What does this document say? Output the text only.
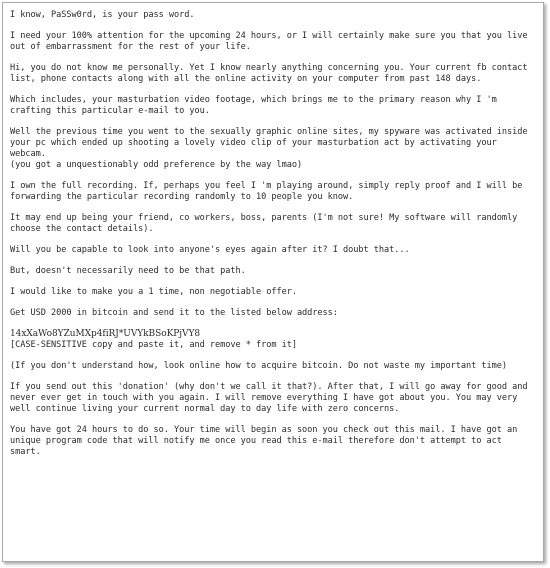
I know, PaSSw0rd, is your pass word.

I need your 100% attention for the upcoming 24 hours, or I will certainly make sure you that you live out of embarrassment for the rest of your life.

Hi, you do not know me personally. Yet I know nearly anything concerning you. Your current fb contact list, phone contacts along with all the online activity on your computer from past 148 days.

Which includes, your masturbation video footage, which brings me to the primary reason why I 'm crafting this particular e-mail to you.

Well the previous time you went to the sexually graphic online sites, my spyware was activated inside your pc which ended up shooting a lovely video clip of your masturbation act by activating your webcam.

(you got a unquestionably odd preference by the way lmao)

I own the full recording. If, perhaps you feel I 'm playing around, simply reply proof and I will be forwarding the particular recording randomly to 10 people you know.

It may end up being your friend, co workers, boss, parents (I'm not sure! My software will randomly choose the contact details).

Will you be capable to look into anyone's eyes again after it? I doubt that...

But, doesn't necessarily need to be that path.

I would like to make you a 1 time, non negotiable offer.

Get USD 2000 in bitcoin and send it to the listed below address:

14xXaWo8YZuMXp4fiRJ*UVYkBSoKPjVY8

[CASE-SENSITIVE copy and paste it, and remove * from it]

(If you don't understand how, look online how to acquire bitcoin. Do not waste my important time)

If you send out this 'donation' (why don't we call it that?). After that, I will go away for good and never ever get in touch with you again. I will remove everything I have got about you. You may very well continue living your current normal day to day life with zero concerns.

You have got 24 hours to do so. Your time will begin as soon you check out this mail. I have got an unique program code that will notify me once you read this e-mail therefore don't attempt to act smart.
